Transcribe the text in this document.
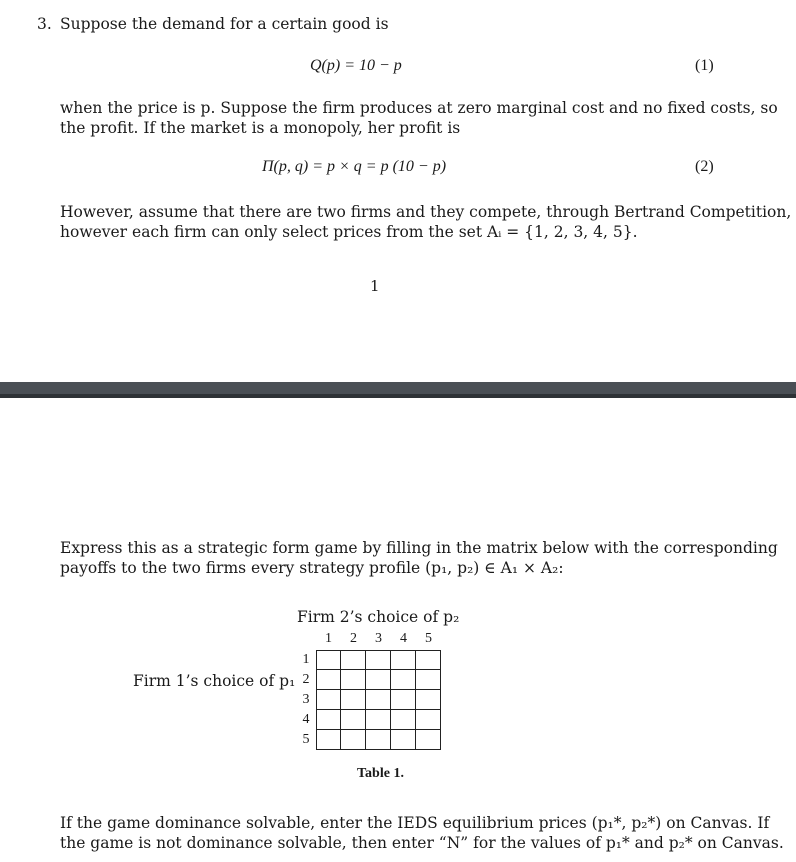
3. Suppose the demand for a certain good is
Q(p) = 10 − p	(1)
when the price is p. Suppose the firm produces at zero marginal cost and no fixed costs, so
the profit. If the market is a monopoly, her profit is
Π(p, q) = p × q = p (10 − p)	(2)
However, assume that there are two firms and they compete, through Bertrand Competition,
however each firm can only select prices from the set Aᵢ = {1, 2, 3, 4, 5}.
1
Express this as a strategic form game by filling in the matrix below with the corresponding
payoffs to the two firms every strategy profile (p₁, p₂) ∈ A₁ × A₂:
Firm 2’s choice of p₂
Firm 1’s choice of p₁
1 2 3 4 5
1
2
3
4
5
Table 1.
If the game dominance solvable, enter the IEDS equilibrium prices (p₁*, p₂*) on Canvas. If
the game is not dominance solvable, then enter “N” for the values of p₁* and p₂* on Canvas.
